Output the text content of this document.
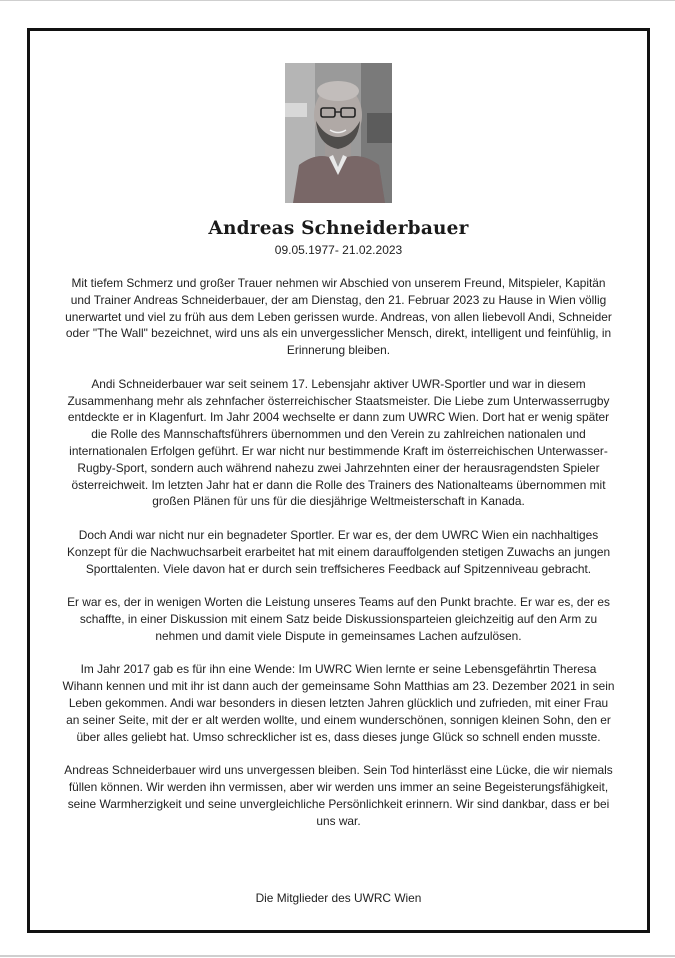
Andreas Schneiderbauer
09.05.1977- 21.02.2023

Mit tiefem Schmerz und großer Trauer nehmen wir Abschied von unserem Freund, Mitspieler, Kapitän und Trainer Andreas Schneiderbauer, der am Dienstag, den 21. Februar 2023 zu Hause in Wien völlig unerwartet und viel zu früh aus dem Leben gerissen wurde. Andreas, von allen liebevoll Andi, Schneider oder "The Wall" bezeichnet, wird uns als ein unvergesslicher Mensch, direkt, intelligent und feinfühlig, in Erinnerung bleiben.

Andi Schneiderbauer war seit seinem 17. Lebensjahr aktiver UWR-Sportler und war in diesem Zusammenhang mehr als zehnfacher österreichischer Staatsmeister. Die Liebe zum Unterwasserrugby entdeckte er in Klagenfurt. Im Jahr 2004 wechselte er dann zum UWRC Wien. Dort hat er wenig später die Rolle des Mannschaftsführers übernommen und den Verein zu zahlreichen nationalen und internationalen Erfolgen geführt. Er war nicht nur bestimmende Kraft im österreichischen Unterwasser-Rugby-Sport, sondern auch während nahezu zwei Jahrzehnten einer der herausragendsten Spieler österreichweit. Im letzten Jahr hat er dann die Rolle des Trainers des Nationalteams übernommen mit großen Plänen für uns für die diesjährige Weltmeisterschaft in Kanada.

Doch Andi war nicht nur ein begnadeter Sportler. Er war es, der dem UWRC Wien ein nachhaltiges Konzept für die Nachwuchsarbeit erarbeitet hat mit einem darauffolgenden stetigen Zuwachs an jungen Sporttalenten. Viele davon hat er durch sein treffsicheres Feedback auf Spitzenniveau gebracht.

Er war es, der in wenigen Worten die Leistung unseres Teams auf den Punkt brachte. Er war es, der es schaffte, in einer Diskussion mit einem Satz beide Diskussionsparteien gleichzeitig auf den Arm zu nehmen und damit viele Dispute in gemeinsames Lachen aufzulösen.

Im Jahr 2017 gab es für ihn eine Wende: Im UWRC Wien lernte er seine Lebensgefährtin Theresa Wihann kennen und mit ihr ist dann auch der gemeinsame Sohn Matthias am 23. Dezember 2021 in sein Leben gekommen. Andi war besonders in diesen letzten Jahren glücklich und zufrieden, mit einer Frau an seiner Seite, mit der er alt werden wollte, und einem wunderschönen, sonnigen kleinen Sohn, den er über alles geliebt hat. Umso schrecklicher ist es, dass dieses junge Glück so schnell enden musste.

Andreas Schneiderbauer wird uns unvergessen bleiben. Sein Tod hinterlässt eine Lücke, die wir niemals füllen können. Wir werden ihn vermissen, aber wir werden uns immer an seine Begeisterungsfähigkeit, seine Warmherzigkeit und seine unvergleichliche Persönlichkeit erinnern. Wir sind dankbar, dass er bei uns war.

Die Mitglieder des UWRC Wien
